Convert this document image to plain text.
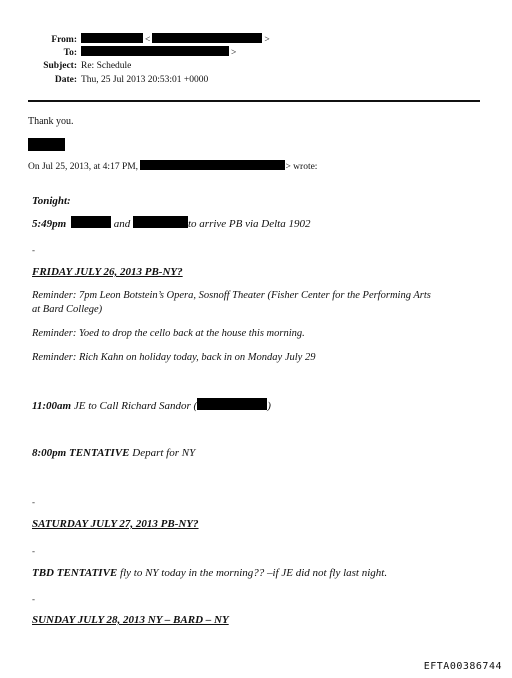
From:	<	>
To:	>
Subject: Re: Schedule
Date: Thu, 25 Jul 2013 20:53:01 +0000
Thank you.
On Jul 25, 2013, at 4:17 PM,	> wrote:
Tonight:
5:49pm	and	to arrive PB via Delta 1902
-
FRIDAY JULY 26, 2013 PB-NY?
Reminder: 7pm Leon Botstein’s Opera, Sosnoff Theater (Fisher Center for the Performing Arts
at Bard College)
Reminder: Yoed to drop the cello back at the house this morning.
Reminder: Rich Kahn on holiday today, back in on Monday July 29
11:00am JE to Call Richard Sandor (	)
8:00pm TENTATIVE Depart for NY
-
SATURDAY JULY 27, 2013 PB-NY?
-
TBD TENTATIVE fly to NY today in the morning?? –if JE did not fly last night.
-
SUNDAY JULY 28, 2013 NY – BARD – NY
EFTA00386744
